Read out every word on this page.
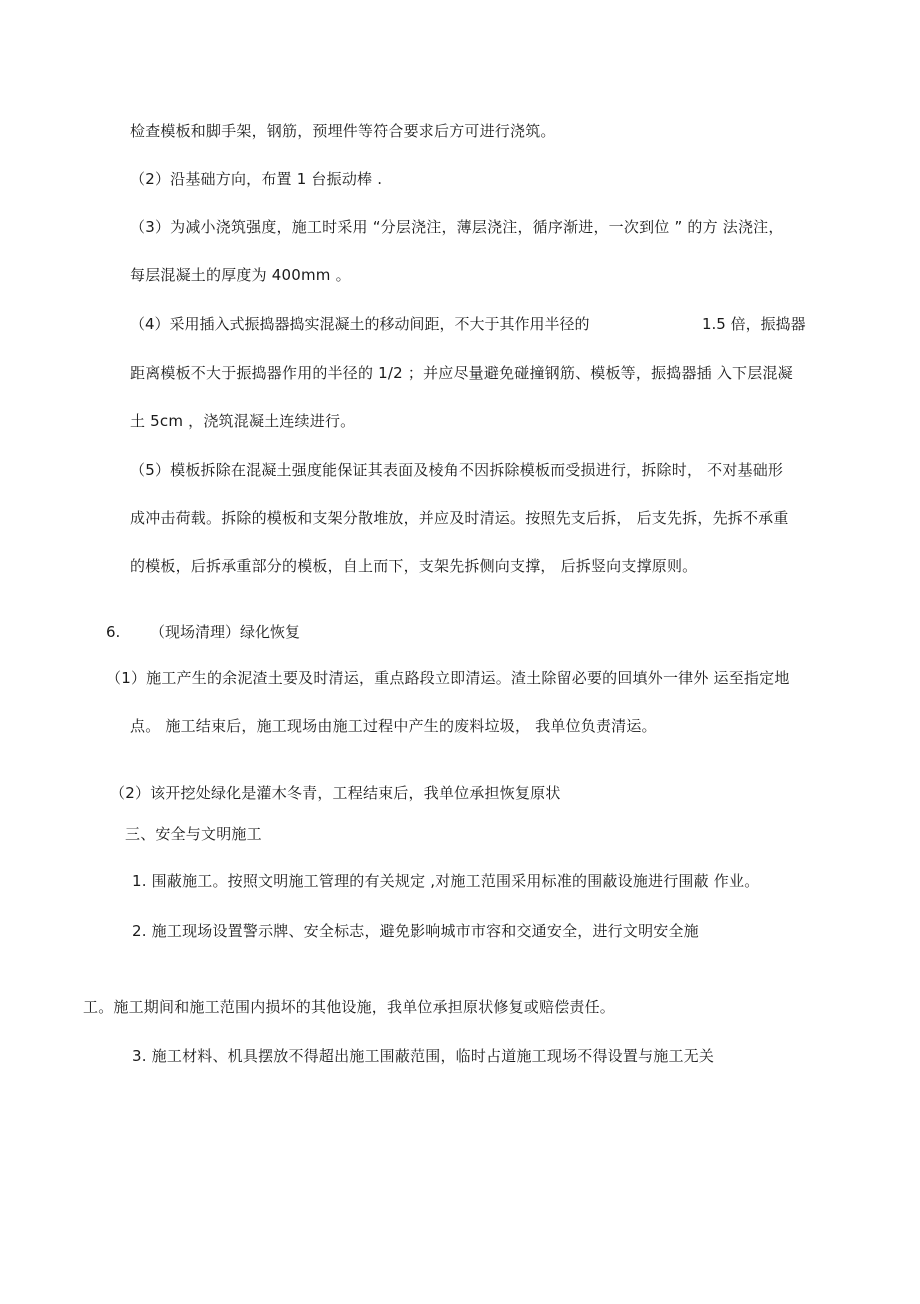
检查模板和脚手架，钢筋，预埋件等符合要求后方可进行浇筑。
（2）沿基础方向，布置 1 台振动棒 .
（3）为减小浇筑强度，施工时采用 “分层浇注，薄层浇注，循序渐进，一次到位 ” 的方 法浇注，
每层混凝土的厚度为 400mm 。
（4）采用插入式振捣器捣实混凝土的移动间距，不大于其作用半径的	1.5 倍，振捣器
距离模板不大于振捣器作用的半径的 1/2 ；并应尽量避免碰撞钢筋、模板等，振捣器插 入下层混凝
土 5cm ，浇筑混凝土连续进行。
（5）模板拆除在混凝土强度能保证其表面及棱角不因拆除模板而受损进行，拆除时， 不对基础形
成冲击荷载。拆除的模板和支架分散堆放，并应及时清运。按照先支后拆， 后支先拆，先拆不承重
的模板，后拆承重部分的模板，自上而下，支架先拆侧向支撑， 后拆竖向支撑原则。
6. （现场清理）绿化恢复
（1）施工产生的余泥渣土要及时清运，重点路段立即清运。渣土除留必要的回填外一律外 运至指定地
点。 施工结束后，施工现场由施工过程中产生的废料垃圾， 我单位负责清运。
（2）该开挖处绿化是灌木冬青，工程结束后，我单位承担恢复原状
三、安全与文明施工
1. 围蔽施工。按照文明施工管理的有关规定 ,对施工范围采用标准的围蔽设施进行围蔽 作业。
2. 施工现场设置警示牌、安全标志，避免影响城市市容和交通安全，进行文明安全施
工。施工期间和施工范围内损坏的其他设施，我单位承担原状修复或赔偿责任。
3. 施工材料、机具摆放不得超出施工围蔽范围，临时占道施工现场不得设置与施工无关
